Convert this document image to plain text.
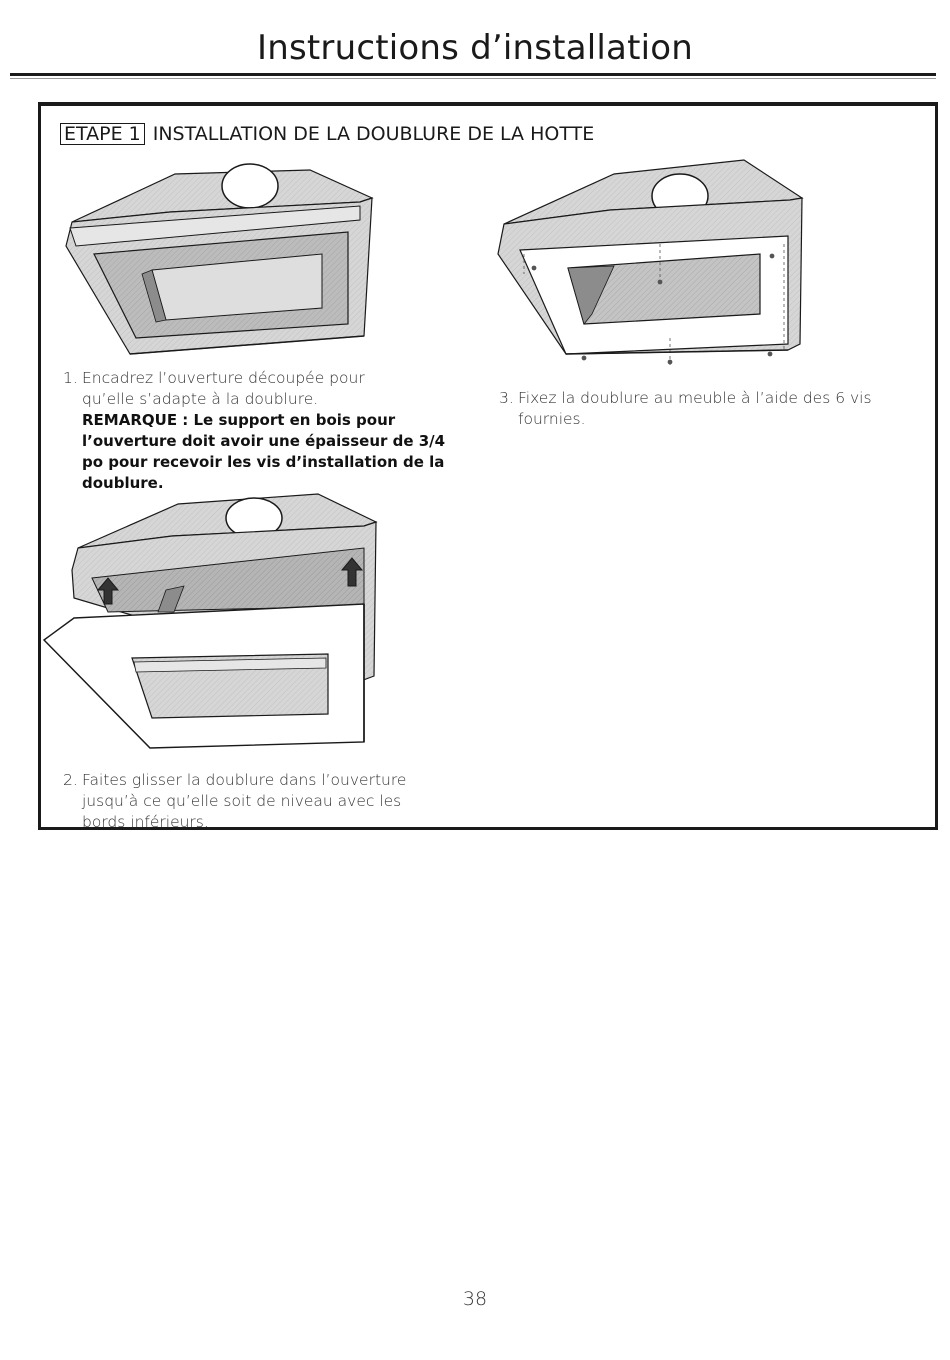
Instructions d’installation
ETAPE 1 INSTALLATION DE LA DOUBLURE DE LA HOTTE
1. Encadrez l’ouverture découpée pour qu’elle s’adapte à la doublure.
REMARQUE : Le support en bois pour l’ouverture doit avoir une épaisseur de 3/4 po pour recevoir les vis d’installation de la doublure.
2. Faites glisser la doublure dans l’ouverture jusqu’à ce qu’elle soit de niveau avec les bords inférieurs.
3. Fixez la doublure au meuble à l’aide des 6 vis fournies.
38
